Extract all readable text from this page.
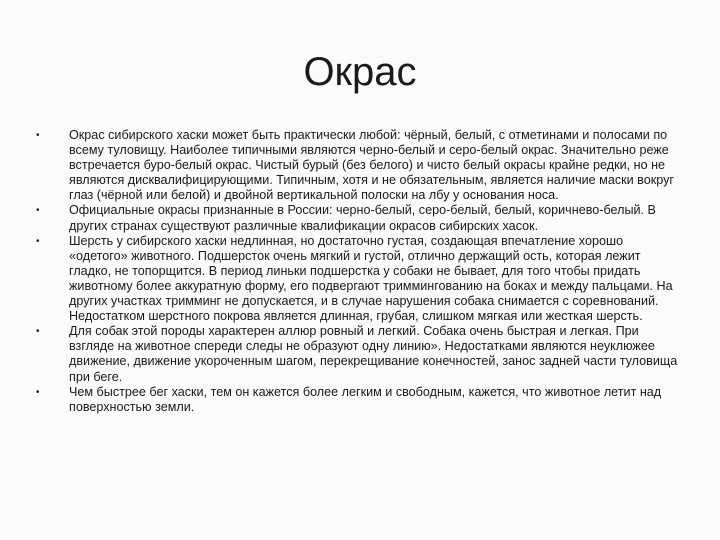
Окрас
• Окрас сибирского хаски может быть практически любой: чёрный, белый, с отметинами и полосами по всему туловищу. Наиболее типичными являются черно-белый и серо-белый окрас. Значительно реже встречается буро-белый окрас. Чистый бурый (без белого) и чисто белый окрасы крайне редки, но не являются дисквалифицирующими. Типичным, хотя и не обязательным, является наличие маски вокруг глаз (чёрной или белой) и двойной вертикальной полоски на лбу у основания носа.
• Официальные окрасы признанные в России: черно-белый, серо-белый, белый, коричнево-белый. В других странах существуют различные квалификации окрасов сибирских хасок.
• Шерсть у сибирского хаски недлинная, но достаточно густая, создающая впечатление хорошо «одетого» животного. Подшерсток очень мягкий и густой, отлично держащий ость, которая лежит гладко, не топорщится. В период линьки подшерстка у собаки не бывает, для того чтобы придать животному более аккуратную форму, его подвергают триммингованию на боках и между пальцами. На других участках тримминг не допускается, и в случае нарушения собака снимается с соревнований. Недостатком шерстного покрова является длинная, грубая, слишком мягкая или жесткая шерсть.
• Для собак этой породы характерен аллюр ровный и легкий. Собака очень быстрая и легкая. При взгляде на животное спереди следы не образуют одну линию». Недостатками являются неуклюжее движение, движение укороченным шагом, перекрещивание конечностей, занос задней части туловища при беге.
• Чем быстрее бег хаски, тем он кажется более легким и свободным, кажется, что животное летит над поверхностью земли.
